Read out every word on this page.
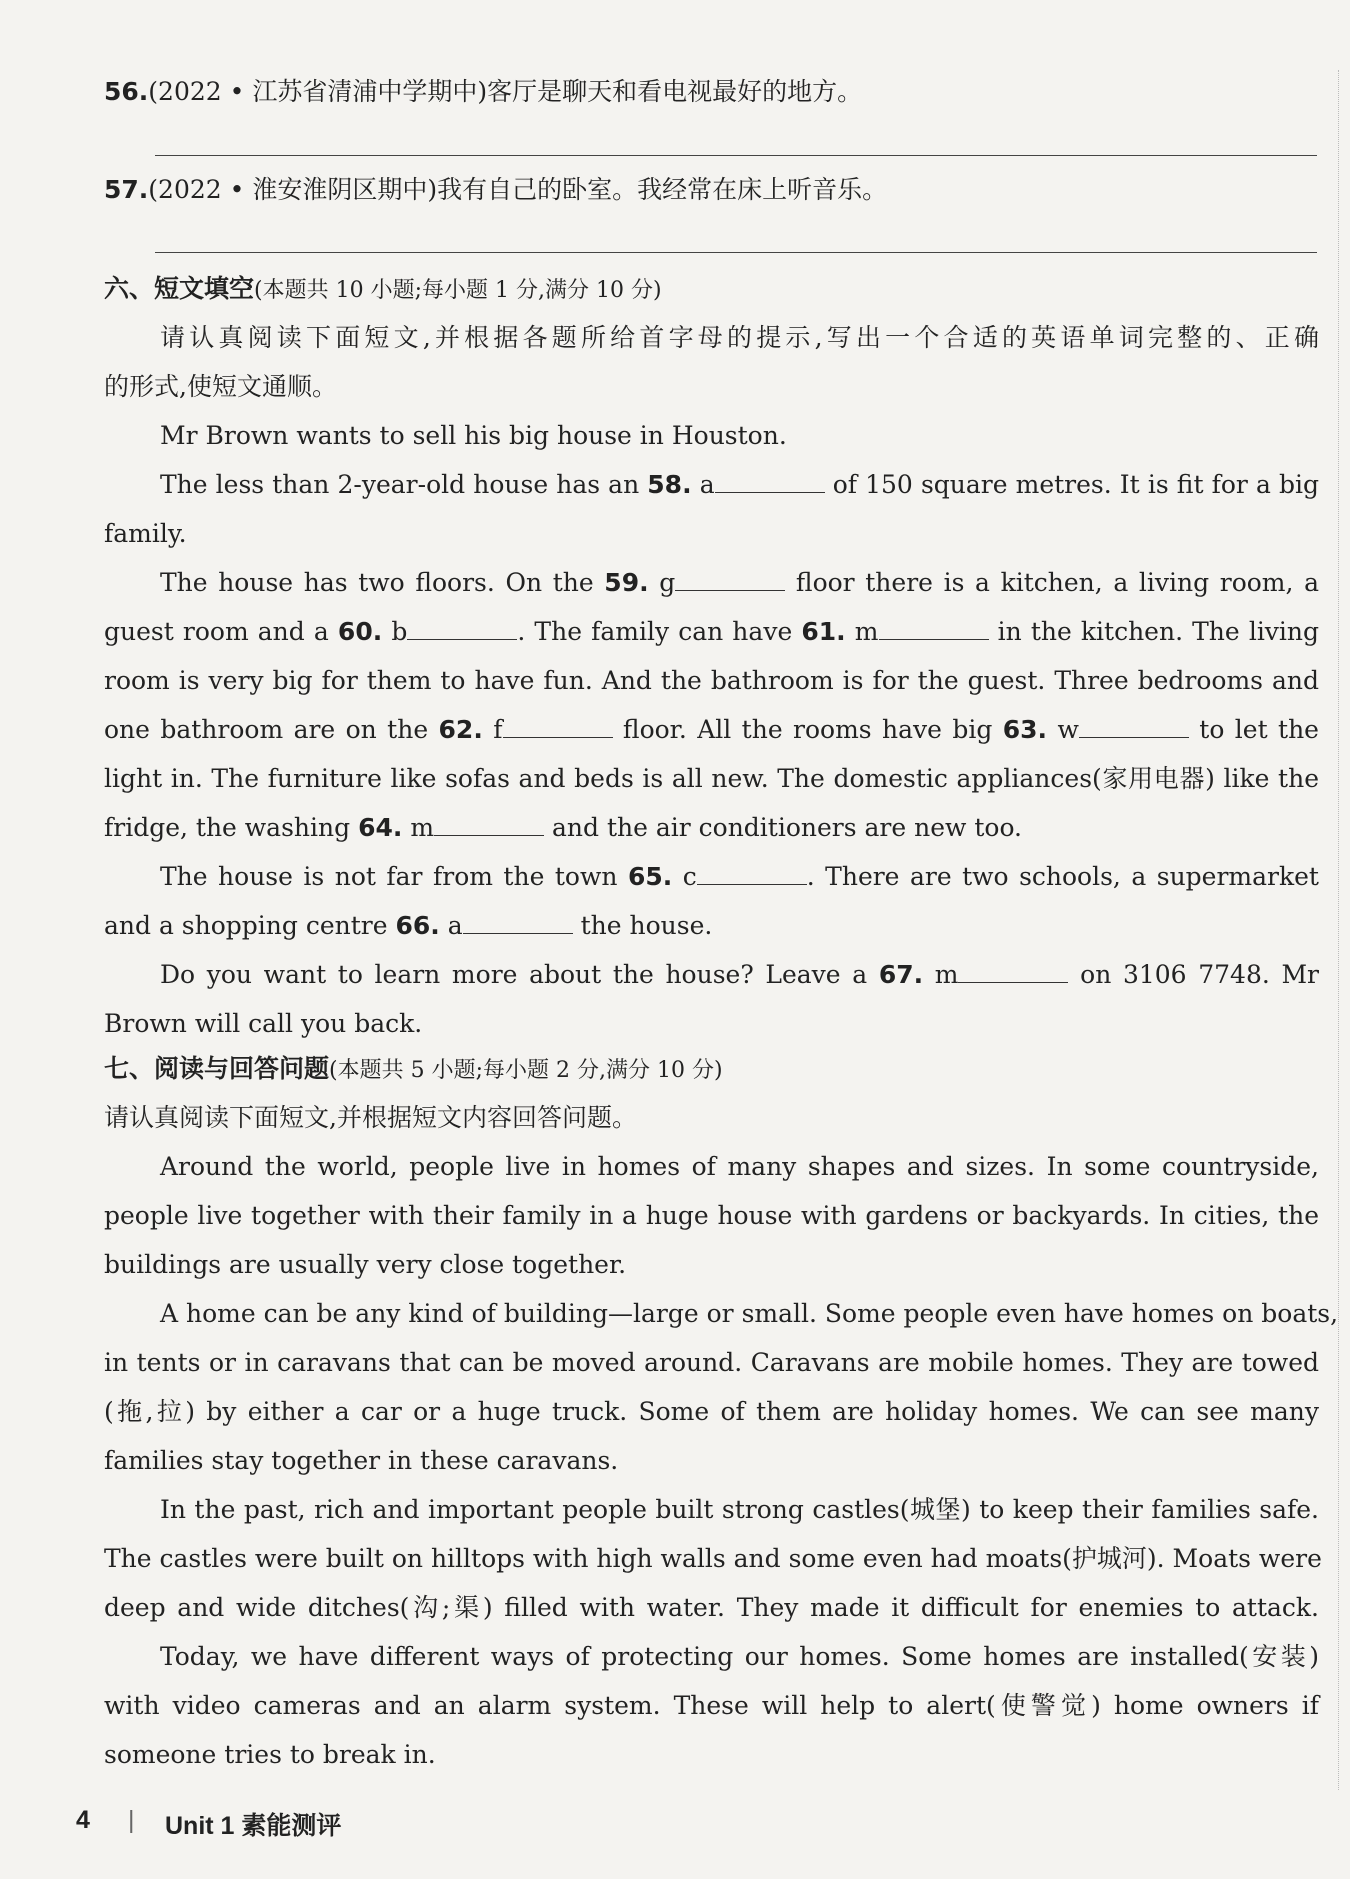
56.(2022 • 江苏省清浦中学期中)客厅是聊天和看电视最好的地方。
57.(2022 • 淮安淮阴区期中)我有自己的卧室。我经常在床上听音乐。
六、短文填空(本题共 10 小题;每小题 1 分,满分 10 分)
请认真阅读下面短文,并根据各题所给首字母的提示,写出一个合适的英语单词完整的、正确
的形式,使短文通顺。
Mr Brown wants to sell his big house in Houston.
The less than 2-year-old house has an 58. a	of 150 square metres. It is fit for a big
family.
The house has two floors. On the 59. g	floor there is a kitchen, a living room, a
guest room and a 60. b	. The family can have 61. m	in the kitchen. The living
room is very big for them to have fun. And the bathroom is for the guest. Three bedrooms and
one bathroom are on the 62. f	floor. All the rooms have big 63. w	to let the
light in. The furniture like sofas and beds is all new. The domestic appliances(家用电器) like the
fridge, the washing 64. m	and the air conditioners are new too.
The house is not far from the town 65. c	. There are two schools, a supermarket
and a shopping centre 66. a	the house.
Do you want to learn more about the house? Leave a 67. m	on 3106 7748. Mr
Brown will call you back.
七、阅读与回答问题(本题共 5 小题;每小题 2 分,满分 10 分)
请认真阅读下面短文,并根据短文内容回答问题。
Around the world, people live in homes of many shapes and sizes. In some countryside,
people live together with their family in a huge house with gardens or backyards. In cities, the
buildings are usually very close together.
A home can be any kind of building—large or small. Some people even have homes on boats,
in tents or in caravans that can be moved around. Caravans are mobile homes. They are towed
(拖,拉) by either a car or a huge truck. Some of them are holiday homes. We can see many
families stay together in these caravans.
In the past, rich and important people built strong castles(城堡) to keep their families safe.
The castles were built on hilltops with high walls and some even had moats(护城河). Moats were
deep and wide ditches(沟;渠) filled with water. They made it difficult for enemies to attack.
Today, we have different ways of protecting our homes. Some homes are installed(安装)
with video cameras and an alarm system. These will help to alert(使警觉) home owners if
someone tries to break in.
4 | Unit 1 素能测评
